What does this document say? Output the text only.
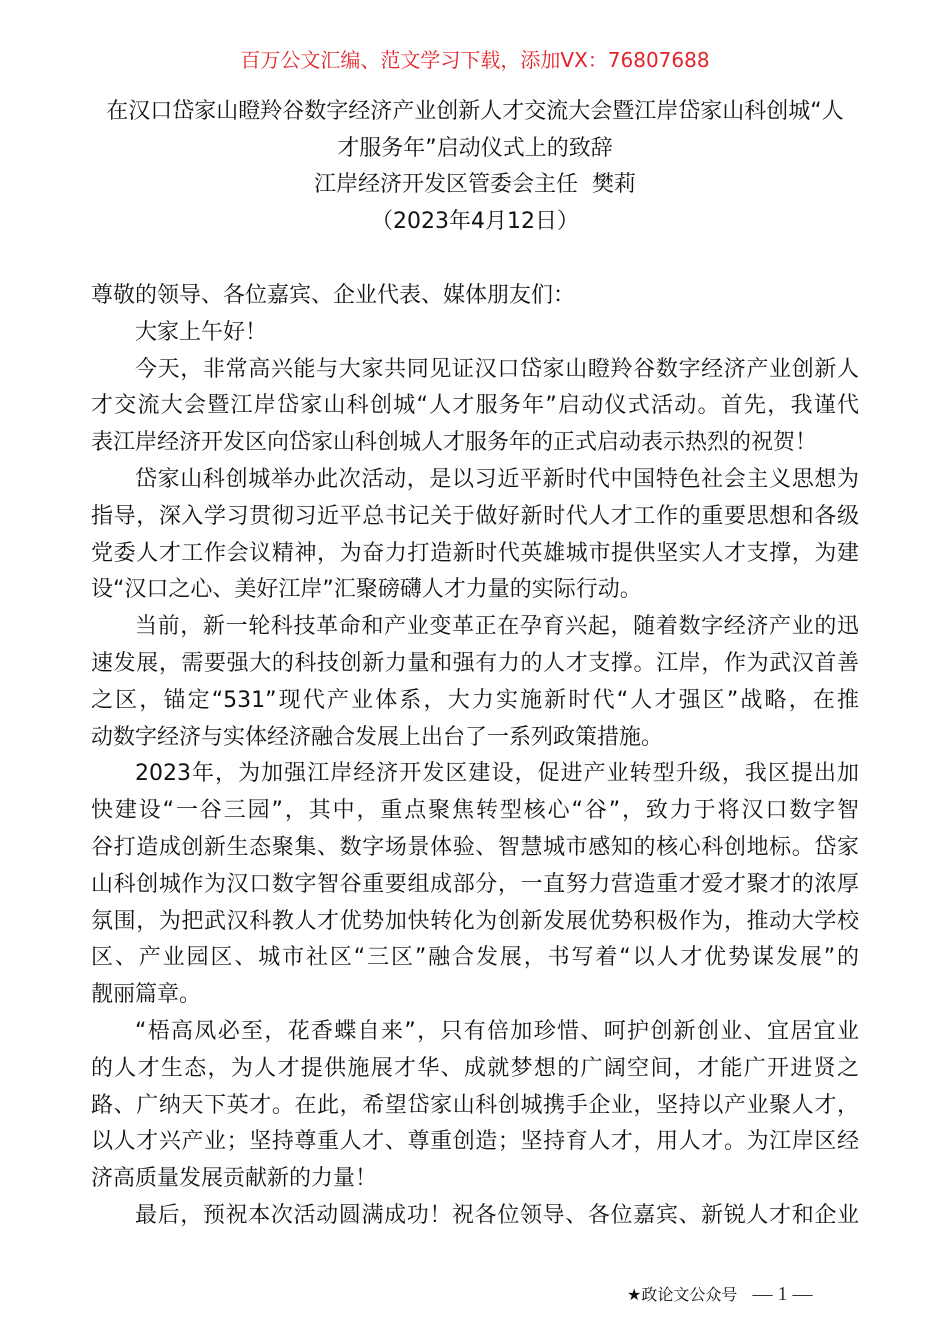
百万公文汇编、范文学习下载，添加VX：76807688
在汉口岱家山瞪羚谷数字经济产业创新人才交流大会暨江岸岱家山科创城“人
才服务年”启动仪式上的致辞
江岸经济开发区管委会主任  樊莉
（2023年4月12日）
尊敬的领导、各位嘉宾、企业代表、媒体朋友们：
大家上午好！
今天，非常高兴能与大家共同见证汉口岱家山瞪羚谷数字经济产业创新人
才交流大会暨江岸岱家山科创城“人才服务年”启动仪式活动。首先，我谨代
表江岸经济开发区向岱家山科创城人才服务年的正式启动表示热烈的祝贺！
岱家山科创城举办此次活动，是以习近平新时代中国特色社会主义思想为
指导，深入学习贯彻习近平总书记关于做好新时代人才工作的重要思想和各级
党委人才工作会议精神，为奋力打造新时代英雄城市提供坚实人才支撑，为建
设“汉口之心、美好江岸”汇聚磅礴人才力量的实际行动。
当前，新一轮科技革命和产业变革正在孕育兴起，随着数字经济产业的迅
速发展，需要强大的科技创新力量和强有力的人才支撑。江岸，作为武汉首善
之区，锚定“531”现代产业体系，大力实施新时代“人才强区”战略，在推
动数字经济与实体经济融合发展上出台了一系列政策措施。
2023年，为加强江岸经济开发区建设，促进产业转型升级，我区提出加
快建设“一谷三园”，其中，重点聚焦转型核心“谷”，致力于将汉口数字智
谷打造成创新生态聚集、数字场景体验、智慧城市感知的核心科创地标。岱家
山科创城作为汉口数字智谷重要组成部分，一直努力营造重才爱才聚才的浓厚
氛围，为把武汉科教人才优势加快转化为创新发展优势积极作为，推动大学校
区、产业园区、城市社区“三区”融合发展，书写着“以人才优势谋发展”的
靓丽篇章。
“梧高凤必至，花香蝶自来”，只有倍加珍惜、呵护创新创业、宜居宜业
的人才生态，为人才提供施展才华、成就梦想的广阔空间，才能广开进贤之
路、广纳天下英才。在此，希望岱家山科创城携手企业，坚持以产业聚人才，
以人才兴产业；坚持尊重人才、尊重创造；坚持育人才，用人才。为江岸区经
济高质量发展贡献新的力量！
最后，预祝本次活动圆满成功！祝各位领导、各位嘉宾、新锐人才和企业
★政论文公众号 — 1 —
